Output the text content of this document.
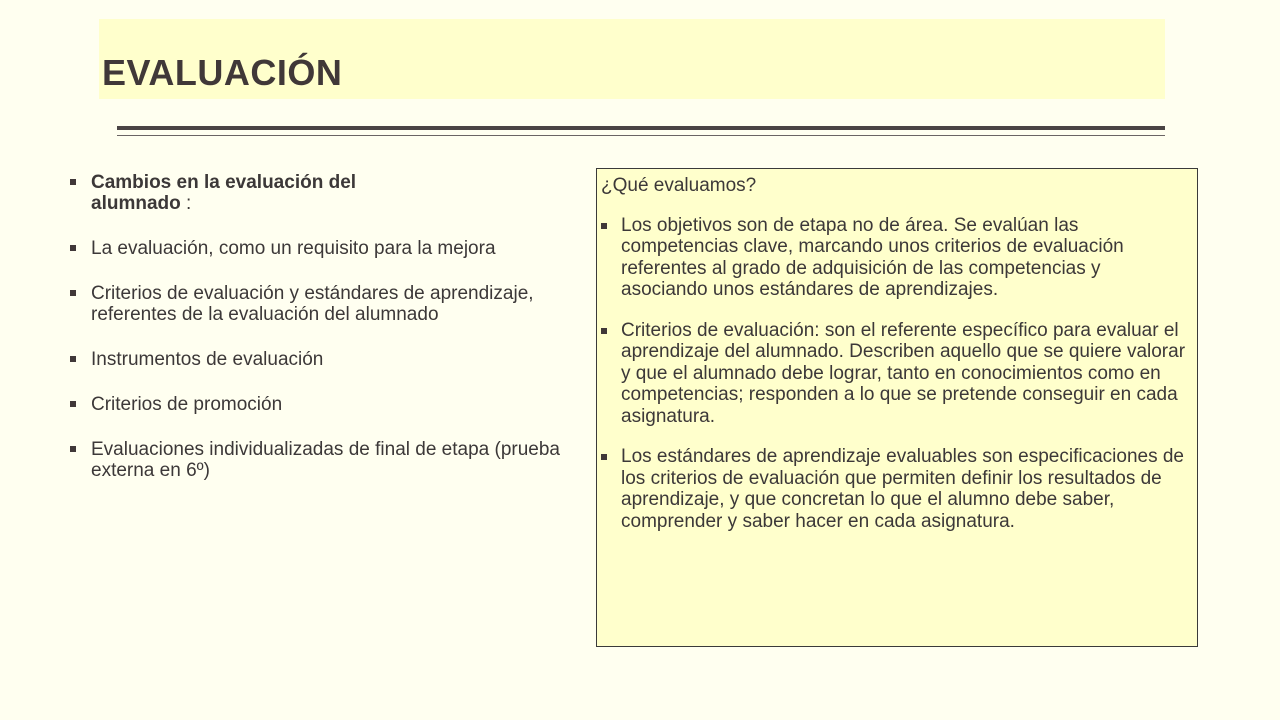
EVALUACIÓN
Cambios en la evaluación del alumnado :
La evaluación, como un requisito para la mejora
Criterios de evaluación y estándares de aprendizaje, referentes de la evaluación del alumnado
Instrumentos de evaluación
Criterios de promoción
Evaluaciones individualizadas de final de etapa (prueba externa en 6º)
¿Qué evaluamos?
Los objetivos son de etapa no de área. Se evalúan las competencias clave, marcando unos criterios de evaluación referentes al grado de adquisición de las competencias y asociando unos estándares de aprendizajes.
Criterios de evaluación: son el referente específico para evaluar el aprendizaje del alumnado. Describen aquello que se quiere valorar y que el alumnado debe lograr, tanto en conocimientos como en competencias; responden a lo que se pretende conseguir en cada asignatura.
Los estándares de aprendizaje evaluables son especificaciones de los criterios de evaluación que permiten definir los resultados de aprendizaje, y que concretan lo que el alumno debe saber, comprender y saber hacer en cada asignatura.
